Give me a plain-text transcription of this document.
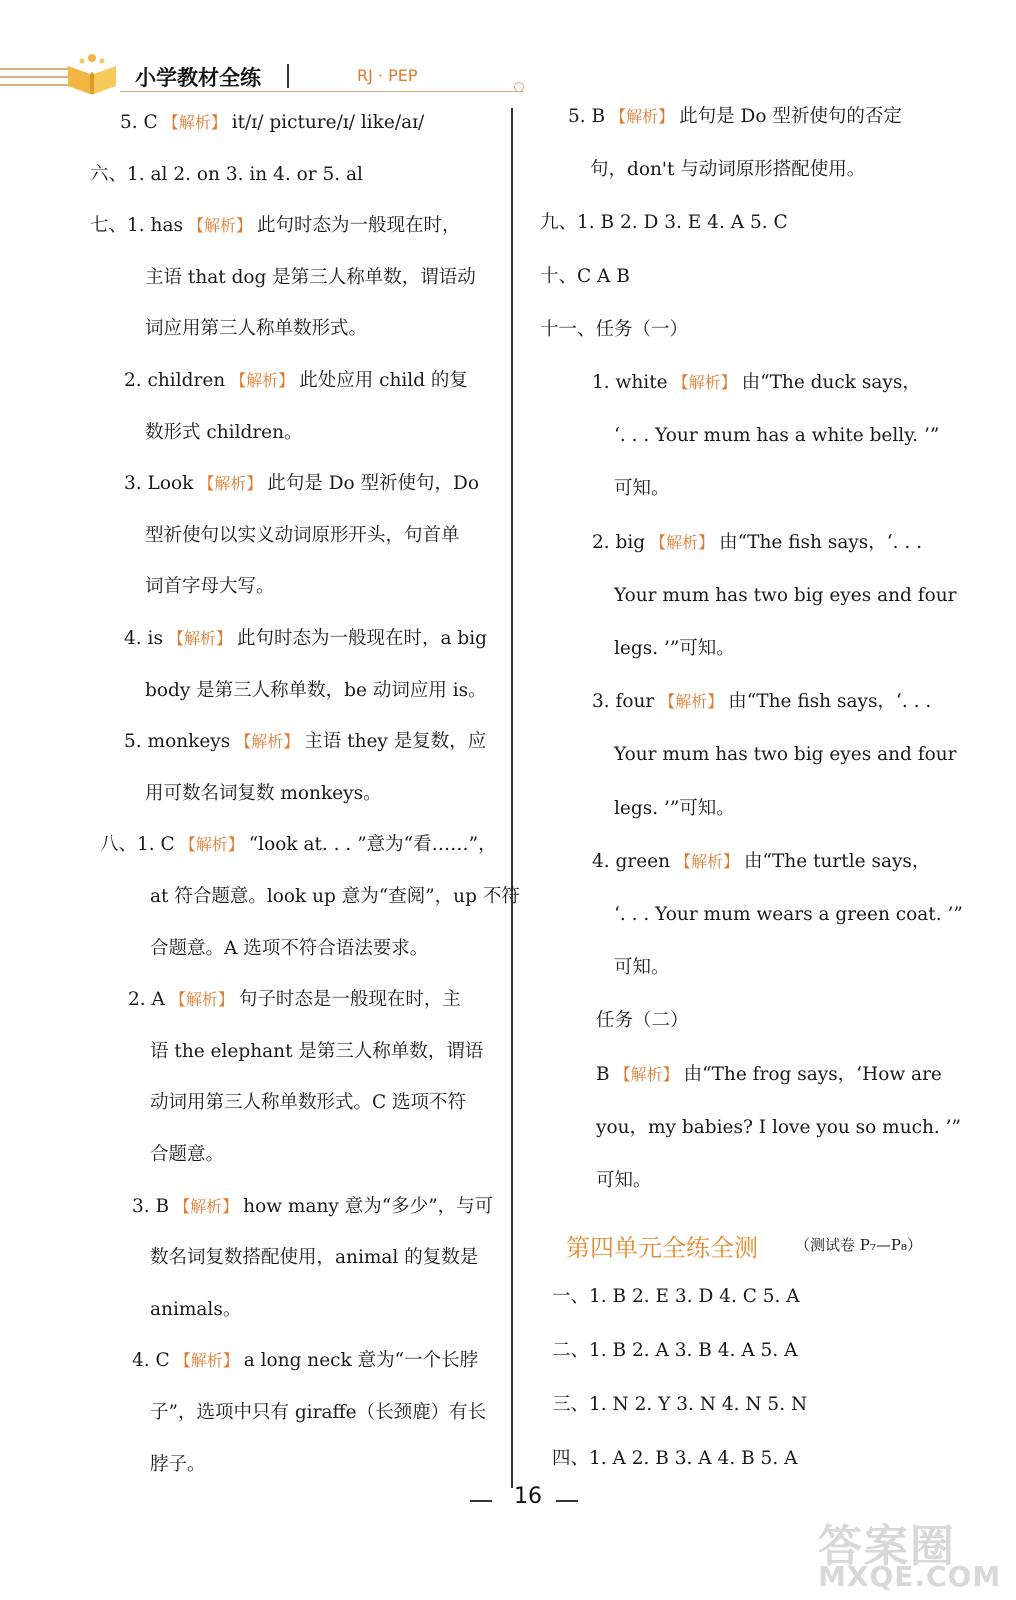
小学教材全练	RJ · PEP
5. C 【解析】 it/ɪ/ picture/ɪ/ like/aɪ/
六、1. al 2. on 3. in 4. or 5. al
七、1. has 【解析】 此句时态为一般现在时，
主语 that dog 是第三人称单数，谓语动
词应用第三人称单数形式。
2. children 【解析】 此处应用 child 的复
数形式 children。
3. Look 【解析】 此句是 Do 型祈使句，Do
型祈使句以实义动词原形开头，句首单
词首字母大写。
4. is 【解析】 此句时态为一般现在时，a big
body 是第三人称单数，be 动词应用 is。
5. monkeys 【解析】 主语 they 是复数，应
用可数名词复数 monkeys。
八、1. C 【解析】 “look at. . . ”意为“看……”，
at 符合题意。look up 意为“查阅”，up 不符
合题意。A 选项不符合语法要求。
2. A 【解析】 句子时态是一般现在时，主
语 the elephant 是第三人称单数，谓语
动词用第三人称单数形式。C 选项不符
合题意。
3. B 【解析】 how many 意为“多少”，与可
数名词复数搭配使用，animal 的复数是
animals。
4. C 【解析】 a long neck 意为“一个长脖
子”，选项中只有 giraffe（长颈鹿）有长
脖子。
5. B 【解析】 此句是 Do 型祈使句的否定
句，don't 与动词原形搭配使用。
九、1. B 2. D 3. E 4. A 5. C
十、C A B
十一、任务（一）
1. white 【解析】 由“The duck says，
‘. . . Your mum has a white belly. ’”
可知。
2. big 【解析】 由“The fish says，‘. . .
Your mum has two big eyes and four
legs. ’”可知。
3. four 【解析】 由“The fish says，‘. . .
Your mum has two big eyes and four
legs. ’”可知。
4. green 【解析】 由“The turtle says，
‘. . . Your mum wears a green coat. ’”
可知。
任务（二）
B 【解析】 由“The frog says，‘How are
you，my babies? I love you so much. ’”
可知。
第四单元全练全测 （测试卷 P₇—P₈）
一、1. B 2. E 3. D 4. C 5. A
二、1. B 2. A 3. B 4. A 5. A
三、1. N 2. Y 3. N 4. N 5. N
四、1. A 2. B 3. A 4. B 5. A
16
答案圈
MXQE.COM
